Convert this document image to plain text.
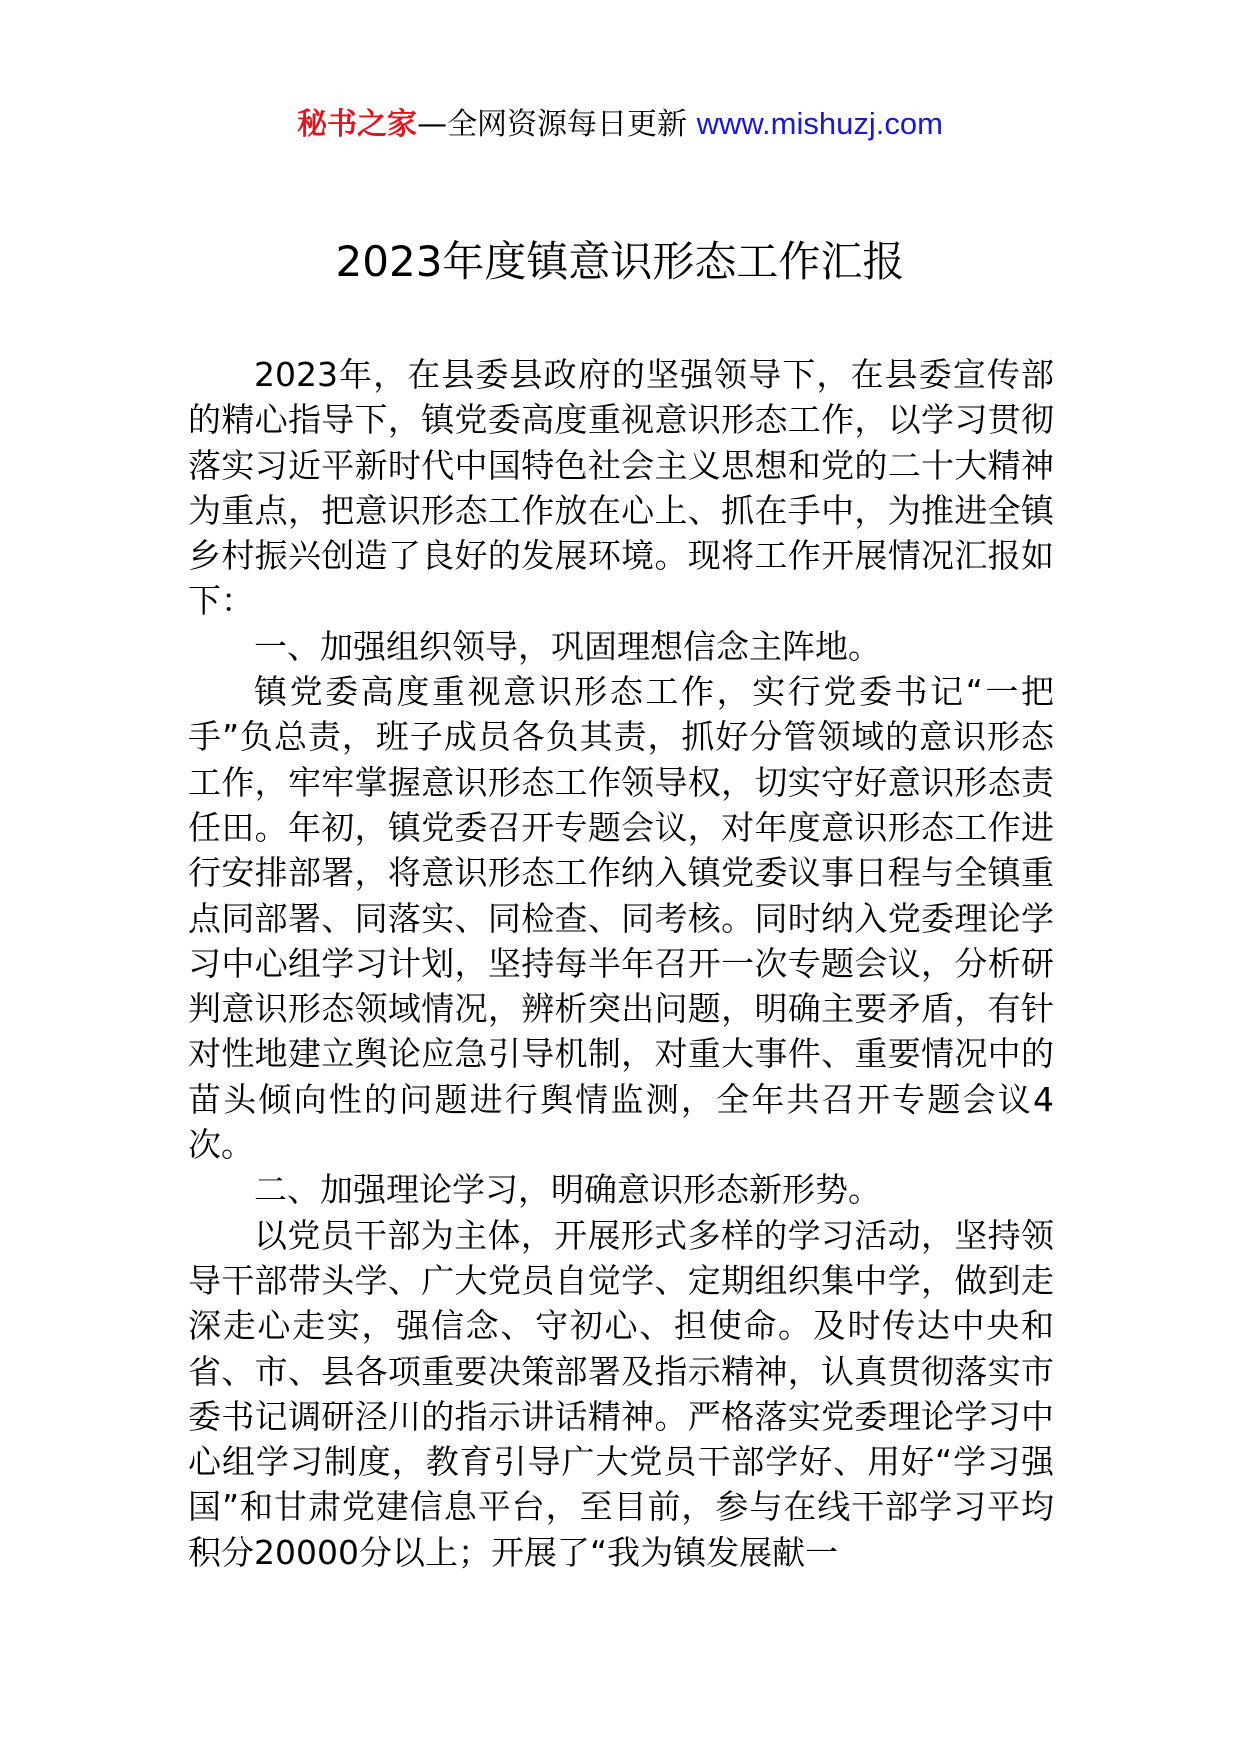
秘书之家—全网资源每日更新 www.mishuzj.com
2023年度镇意识形态工作汇报

2023年，在县委县政府的坚强领导下，在县委宣传部的精心指导下，镇党委高度重视意识形态工作，以学习贯彻落实习近平新时代中国特色社会主义思想和党的二十大精神为重点，把意识形态工作放在心上、抓在手中，为推进全镇乡村振兴创造了良好的发展环境。现将工作开展情况汇报如下：

一、加强组织领导，巩固理想信念主阵地。

镇党委高度重视意识形态工作，实行党委书记“一把手”负总责，班子成员各负其责，抓好分管领域的意识形态工作，牢牢掌握意识形态工作领导权，切实守好意识形态责任田。年初，镇党委召开专题会议，对年度意识形态工作进行安排部署，将意识形态工作纳入镇党委议事日程与全镇重点同部署、同落实、同检查、同考核。同时纳入党委理论学习中心组学习计划，坚持每半年召开一次专题会议，分析研判意识形态领域情况，辨析突出问题，明确主要矛盾，有针对性地建立舆论应急引导机制，对重大事件、重要情况中的苗头倾向性的问题进行舆情监测，全年共召开专题会议4次。

二、加强理论学习，明确意识形态新形势。

以党员干部为主体，开展形式多样的学习活动，坚持领导干部带头学、广大党员自觉学、定期组织集中学，做到走深走心走实，强信念、守初心、担使命。及时传达中央和省、市、县各项重要决策部署及指示精神，认真贯彻落实市委书记调研泾川的指示讲话精神。严格落实党委理论学习中心组学习制度，教育引导广大党员干部学好、用好“学习强国”和甘肃党建信息平台，至目前，参与在线干部学习平均积分20000分以上；开展了“我为镇发展献一
